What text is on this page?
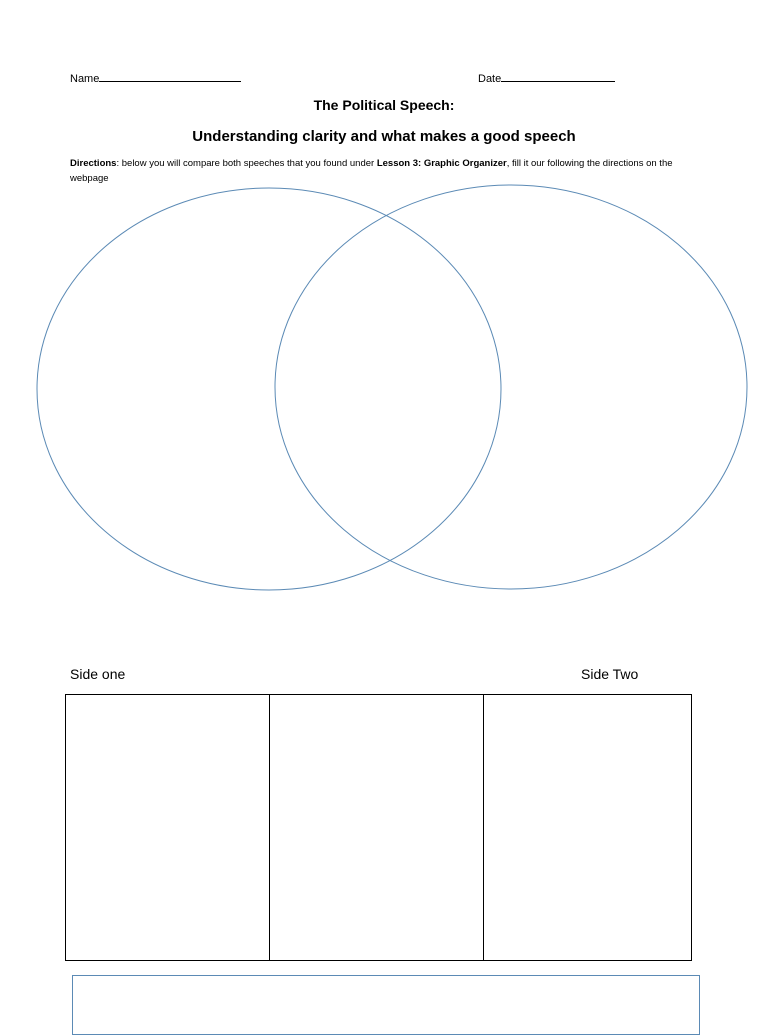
Name	Date
The Political Speech:
Understanding clarity and what makes a good speech
Directions: below you will compare both speeches that you found under Lesson 3: Graphic Organizer, fill it our following the directions on the webpage
Side one	Side Two
